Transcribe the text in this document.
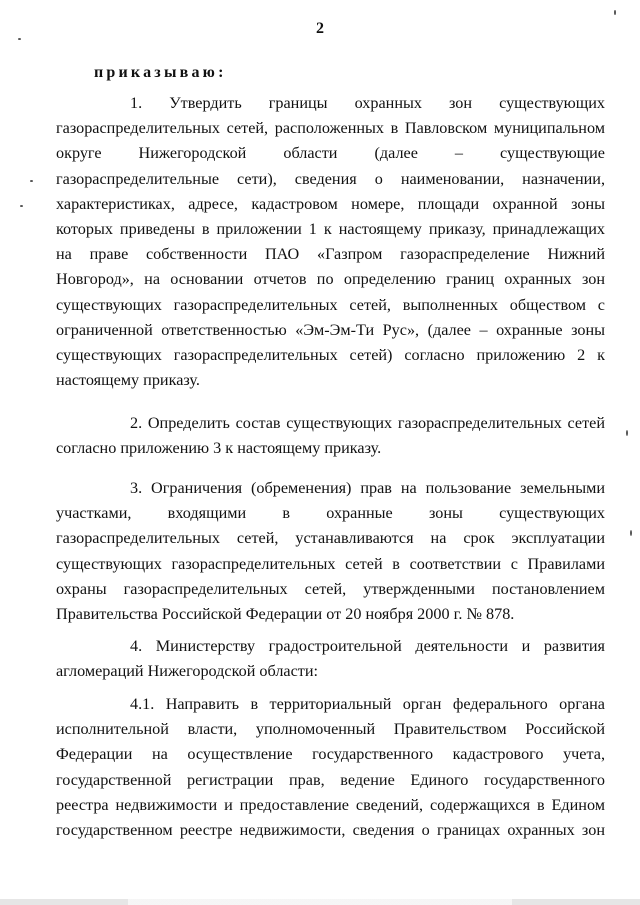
2
приказываю:
1. Утвердить границы охранных зон существующих
газораспределительных сетей, расположенных в Павловском муниципальном
округе Нижегородской области (далее – существующие
газораспределительные сети), сведения о наименовании, назначении,
характеристиках, адресе, кадастровом номере, площади охранной зоны
которых приведены в приложении 1 к настоящему приказу, принадлежащих
на праве собственности ПАО «Газпром газораспределение Нижний
Новгород», на основании отчетов по определению границ охранных зон
существующих газораспределительных сетей, выполненных обществом с
ограниченной ответственностью «Эм-Эм-Ти Рус», (далее – охранные зоны
существующих газораспределительных сетей) согласно приложению 2 к
настоящему приказу.
2. Определить состав существующих газораспределительных сетей
согласно приложению 3 к настоящему приказу.
3. Ограничения (обременения) прав на пользование земельными
участками, входящими в охранные зоны существующих
газораспределительных сетей, устанавливаются на срок эксплуатации
существующих газораспределительных сетей в соответствии с Правилами
охраны газораспределительных сетей, утвержденными постановлением
Правительства Российской Федерации от 20 ноября 2000 г. № 878.
4. Министерству градостроительной деятельности и развития
агломераций Нижегородской области:
4.1. Направить в территориальный орган федерального органа
исполнительной власти, уполномоченный Правительством Российской
Федерации на осуществление государственного кадастрового учета,
государственной регистрации прав, ведение Единого государственного
реестра недвижимости и предоставление сведений, содержащихся в Едином
государственном реестре недвижимости, сведения о границах охранных зон
